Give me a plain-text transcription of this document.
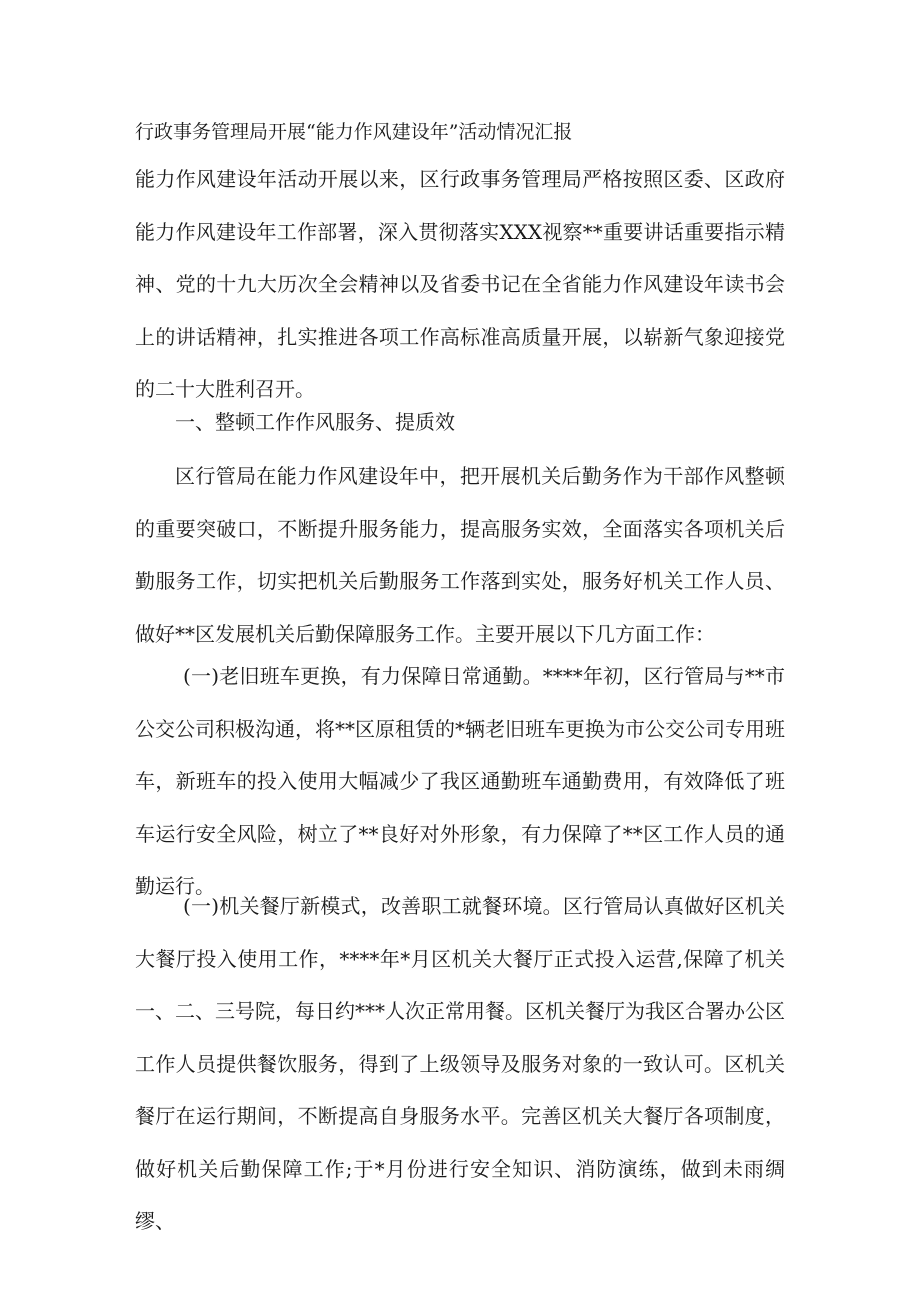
行政事务管理局开展“能力作风建设年”活动情况汇报

能力作风建设年活动开展以来，区行政事务管理局严格按照区委、区政府能力作风建设年工作部署，深入贯彻落实XXX视察**重要讲话重要指示精神、党的十九大历次全会精神以及省委书记在全省能力作风建设年读书会上的讲话精神，扎实推进各项工作高标准高质量开展，以崭新气象迎接党的二十大胜利召开。

一、整顿工作作风服务、提质效

区行管局在能力作风建设年中，把开展机关后勤务作为干部作风整顿的重要突破口，不断提升服务能力，提高服务实效，全面落实各项机关后勤服务工作，切实把机关后勤服务工作落到实处，服务好机关工作人员、做好**区发展机关后勤保障服务工作。主要开展以下几方面工作：

(一)老旧班车更换，有力保障日常通勤。****年初，区行管局与**市公交公司积极沟通，将**区原租赁的*辆老旧班车更换为市公交公司专用班车，新班车的投入使用大幅减少了我区通勤班车通勤费用，有效降低了班车运行安全风险，树立了**良好对外形象，有力保障了**区工作人员的通勤运行。

(一)机关餐厅新模式，改善职工就餐环境。区行管局认真做好区机关大餐厅投入使用工作，****年*月区机关大餐厅正式投入运营,保障了机关一、二、三号院，每日约***人次正常用餐。区机关餐厅为我区合署办公区工作人员提供餐饮服务，得到了上级领导及服务对象的一致认可。区机关餐厅在运行期间，不断提高自身服务水平。完善区机关大餐厅各项制度，做好机关后勤保障工作;于*月份进行安全知识、消防演练，做到未雨绸缪、
